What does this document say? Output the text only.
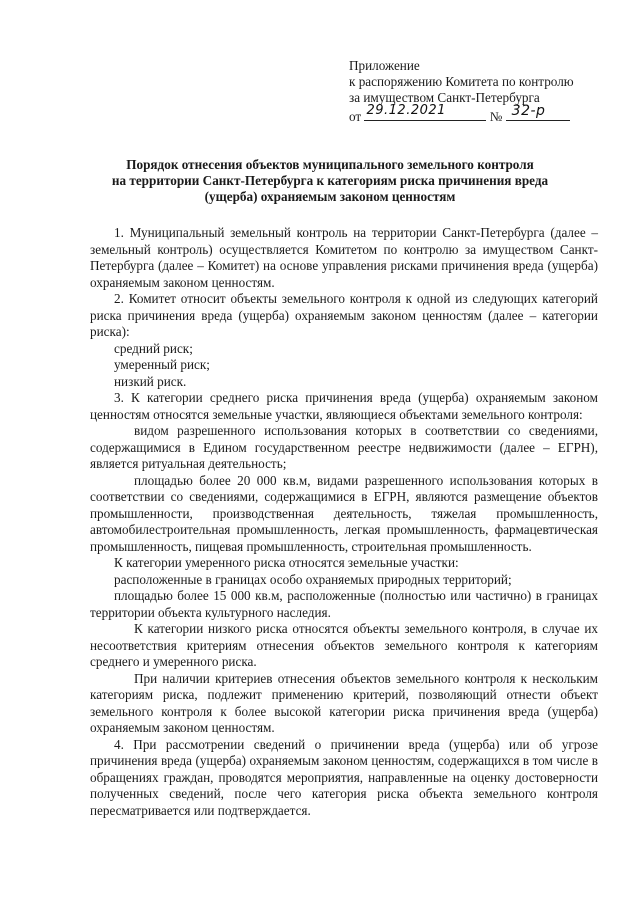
Приложение
к распоряжению Комитета по контролю
за имуществом Санкт-Петербурга
от 29.12.2021	№ 32-р
Порядок отнесения объектов муниципального земельного контроля
на территории Санкт-Петербурга к категориям риска причинения вреда
(ущерба) охраняемым законом ценностям

1. Муниципальный земельный контроль на территории Санкт-Петербурга (далее – земельный контроль) осуществляется Комитетом по контролю за имуществом Санкт-Петербурга (далее – Комитет) на основе управления рисками причинения вреда (ущерба) охраняемым законом ценностям.

2. Комитет относит объекты земельного контроля к одной из следующих категорий риска причинения вреда (ущерба) охраняемым законом ценностям (далее – категории риска):

средний риск;

умеренный риск;

низкий риск.

3. К категории среднего риска причинения вреда (ущерба) охраняемым законом ценностям относятся земельные участки, являющиеся объектами земельного контроля:

видом разрешенного использования которых в соответствии со сведениями, содержащимися в Едином государственном реестре недвижимости (далее – ЕГРН), является ритуальная деятельность;

площадью более 20 000 кв.м, видами разрешенного использования которых в соответствии со сведениями, содержащимися в ЕГРН, являются размещение объектов промышленности, производственная деятельность, тяжелая промышленность, автомобилестроительная промышленность, легкая промышленность, фармацевтическая промышленность, пищевая промышленность, строительная промышленность.

К категории умеренного риска относятся земельные участки:

расположенные в границах особо охраняемых природных территорий;

площадью более 15 000 кв.м, расположенные (полностью или частично) в границах территории объекта культурного наследия.

К категории низкого риска относятся объекты земельного контроля, в случае их несоответствия критериям отнесения объектов земельного контроля к категориям среднего и умеренного риска.

При наличии критериев отнесения объектов земельного контроля к нескольким категориям риска, подлежит применению критерий, позволяющий отнести объект земельного контроля к более высокой категории риска причинения вреда (ущерба) охраняемым законом ценностям.

4. При рассмотрении сведений о причинении вреда (ущерба) или об угрозе причинения вреда (ущерба) охраняемым законом ценностям, содержащихся в том числе в обращениях граждан, проводятся мероприятия, направленные на оценку достоверности полученных сведений, после чего категория риска объекта земельного контроля пересматривается или подтверждается.
